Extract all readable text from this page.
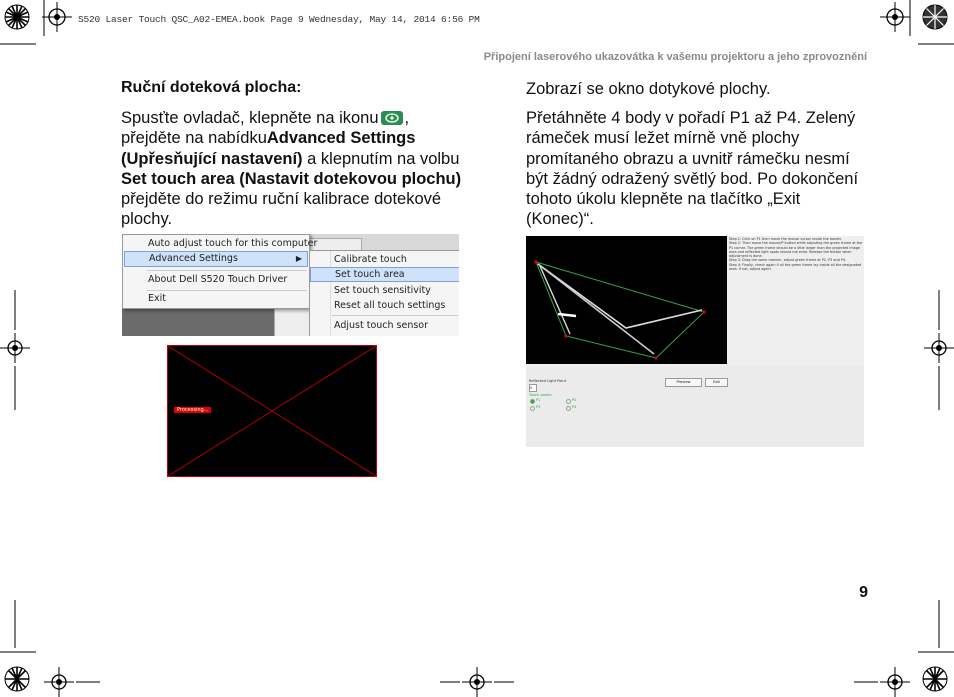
S520 Laser Touch QSC_A02-EMEA.book Page 9 Wednesday, May 14, 2014 6:56 PM
Připojení laserového ukazovátka k vašemu projektoru a jeho zprovoznění
Ruční doteková plocha:
Spusťte ovladač, klepněte na ikonu , přejděte na nabídkuAdvanced Settings (Upřesňující nastavení) a klepnutím na volbu Set touch area (Nastavit dotekovou plochu) přejděte do režimu ruční kalibrace dotekové plochy.
Auto adjust touch for this computer
Advanced Settings	▶
About Dell S520 Touch Driver
Exit
Calibrate touch
Set touch area
Set touch sensitivity
Reset all touch settings
Adjust touch sensor
Processing...
Zobrazí se okno dotykové plochy.
Přetáhněte 4 body v pořadí P1 až P4. Zelený rámeček musí ležet mírně vně plochy promítaného obrazu a uvnitř rámečku nesmí být žádný odražený světlý bod. Po dokončení tohoto úkolu klepněte na tlačítko „Exit (Konec)“.
Step 1: Click on P1 then move the mouse cursor inside the border.
Step 2: Then move the mouse/P button while adjusting the green frame at the P1 corner. The green frame should be a little larger than the projected image area and reflected light spots should not exist. Release the button when adjustment is done.
Step 3: Drag the same manner, adjust green frame at P2, P3 and P4.
Step 4: Finally, check again if all the green frame lay inside all the designated area. If not, adjust again.
Reflected Light Point
0
Touch points
P1	P2
P3	P4
Preview	Exit
9
